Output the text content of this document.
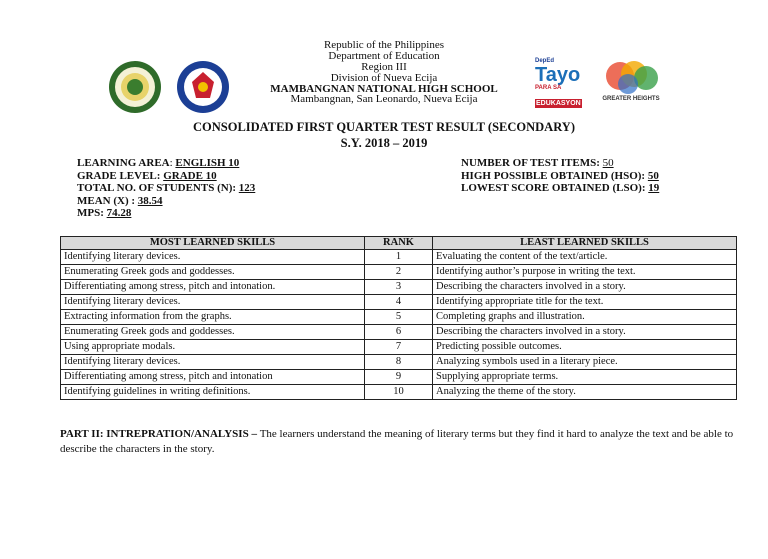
DepEd
Tayo
PARA SA
EDUKASYON
GREATER HEIGHTS
Republic of the Philippines
Department of Education
Region III
Division of Nueva Ecija
MAMBANGNAN NATIONAL HIGH SCHOOL
Mambangnan, San Leonardo, Nueva Ecija
CONSOLIDATED FIRST QUARTER TEST RESULT (SECONDARY)
S.Y. 2018 – 2019
LEARNING AREA: ENGLISH 10
GRADE LEVEL: GRADE 10
TOTAL NO. OF STUDENTS (N): 123
MEAN (X) : 38.54
MPS: 74.28
NUMBER OF TEST ITEMS: 50
HIGH POSSIBLE OBTAINED (HSO): 50
LOWEST SCORE OBTAINED (LSO): 19
MOST LEARNED SKILLS	RANK	LEAST LEARNED SKILLS
Identifying literary devices.	1	Evaluating the content of the text/article.
Enumerating Greek gods and goddesses.	2	Identifying author’s purpose in writing the text.
Differentiating among stress, pitch and intonation.	3	Describing the characters involved in a story.
Identifying literary devices.	4	Identifying appropriate title for the text.
Extracting information from the graphs.	5	Completing graphs and illustration.
Enumerating Greek gods and goddesses.	6	Describing the characters involved in a story.
Using appropriate modals.	7	Predicting possible outcomes.
Identifying literary devices.	8	Analyzing symbols used in a literary piece.
Differentiating among stress, pitch and intonation	9	Supplying appropriate terms.
Identifying guidelines in writing definitions.	10	Analyzing the theme of the story.
PART II: INTREPRATION/ANALYSIS – The learners understand the meaning of literary terms but they find it hard to analyze the text and be able to describe the characters in the story.
